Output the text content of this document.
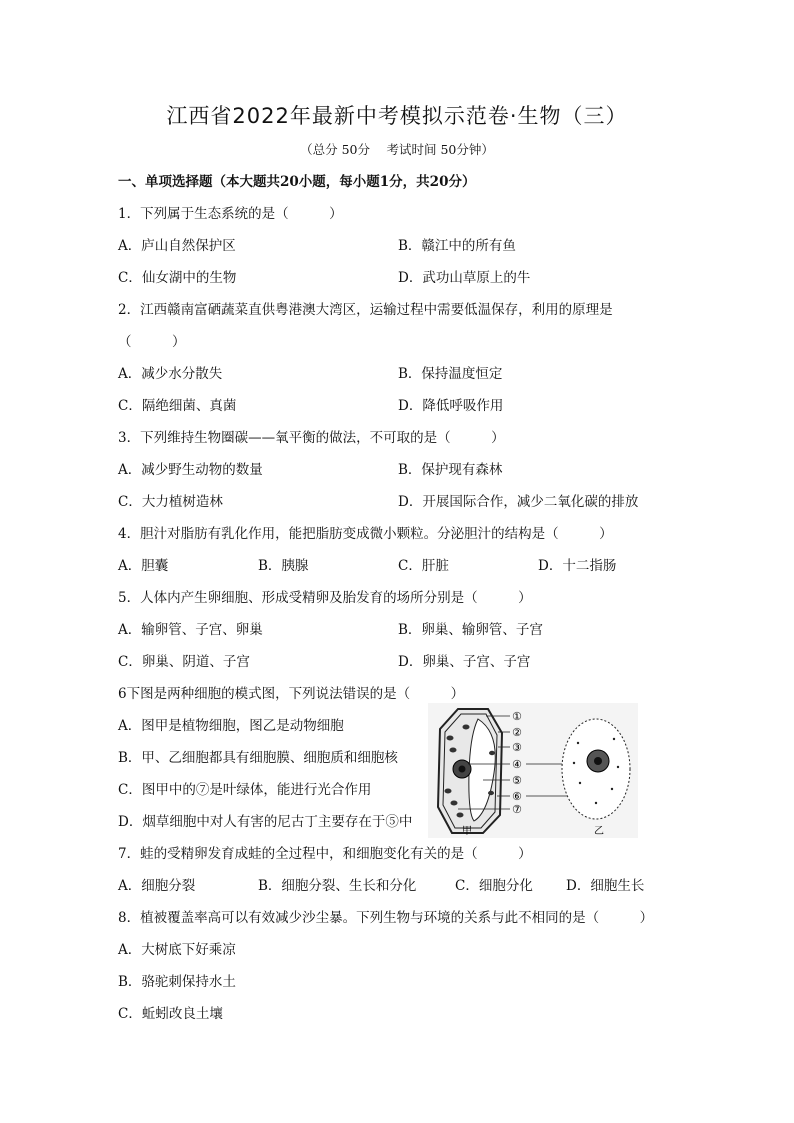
江西省2022年最新中考模拟示范卷·生物（三）
（总分 50分　 考试时间 50分钟）
一、单项选择题（本大题共20小题，每小题1分，共20分）
1．下列属于生态系统的是（　　　）
A．庐山自然保护区	B．赣江中的所有鱼
C．仙女湖中的生物	D．武功山草原上的牛
2．江西赣南富硒蔬菜直供粤港澳大湾区，运输过程中需要低温保存，利用的原理是
（　　　）
A．减少水分散失	B．保持温度恒定
C．隔绝细菌、真菌	D．降低呼吸作用
3．下列维持生物圈碳——氧平衡的做法，不可取的是（　　　）
A．减少野生动物的数量	B．保护现有森林
C．大力植树造林	D．开展国际合作，减少二氧化碳的排放
4．胆汁对脂肪有乳化作用，能把脂肪变成微小颗粒。分泌胆汁的结构是（　　　）
A．胆囊	B．胰腺	C．肝脏	D．十二指肠
5．人体内产生卵细胞、形成受精卵及胎发育的场所分别是（　　　）
A．输卵管、子宫、卵巢	B．卵巢、输卵管、子宫
C．卵巢、阴道、子宫	D．卵巢、子宫、子宫
6下图是两种细胞的模式图，下列说法错误的是（　　　）
A．图甲是植物细胞，图乙是动物细胞
B．甲、乙细胞都具有细胞膜、细胞质和细胞核
C．图甲中的⑦是叶绿体，能进行光合作用
D．烟草细胞中对人有害的尼古丁主要存在于⑤中
①
②
③
④
⑤
⑥
⑦
甲	乙
7．蛙的受精卵发育成蛙的全过程中，和细胞变化有关的是（　　　）
A．细胞分裂	B．细胞分裂、生长和分化	C．细胞分化 D．细胞生长
8．植被覆盖率高可以有效减少沙尘暴。下列生物与环境的关系与此不相同的是（　　　）
A．大树底下好乘凉
B．骆驼刺保持水土
C．蚯蚓改良土壤
